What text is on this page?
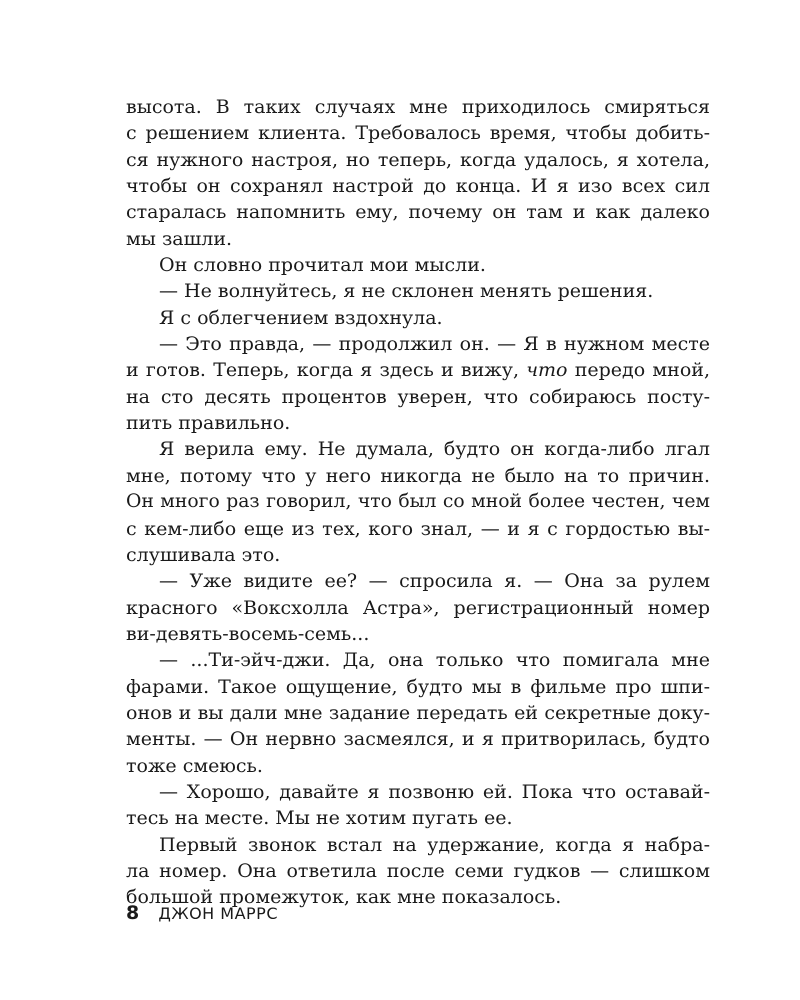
высота. В таких случаях мне приходилось смиряться
с решением клиента. Требовалось время, чтобы добить-
ся нужного настроя, но теперь, когда удалось, я хотела,
чтобы он сохранял настрой до конца. И я изо всех сил
старалась напомнить ему, почему он там и как далеко
мы зашли.
Он словно прочитал мои мысли.
— Не волнуйтесь, я не склонен менять решения.
Я с облегчением вздохнула.
— Это правда, — продолжил он. — Я в нужном месте
и готов. Теперь, когда я здесь и вижу, что передо мной,
на сто десять процентов уверен, что собираюсь посту-
пить правильно.
Я верила ему. Не думала, будто он когда-либо лгал
мне, потому что у него никогда не было на то причин.
Он много раз говорил, что был со мной более честен, чем
с кем-либо еще из тех, кого знал, — и я с гордостью вы-
слушивала это.
— Уже видите ее? — спросила я. — Она за рулем
красного «Воксхолла Астра», регистрационный номер
ви-девять-восемь-семь...
— ...Ти-эйч-джи. Да, она только что помигала мне
фарами. Такое ощущение, будто мы в фильме про шпи-
онов и вы дали мне задание передать ей секретные доку-
менты. — Он нервно засмеялся, и я притворилась, будто
тоже смеюсь.
— Хорошо, давайте я позвоню ей. Пока что оставай-
тесь на месте. Мы не хотим пугать ее.
Первый звонок встал на удержание, когда я набра-
ла номер. Она ответила после семи гудков — слишком
большой промежуток, как мне показалось.
8 ДЖОН МАРРС
